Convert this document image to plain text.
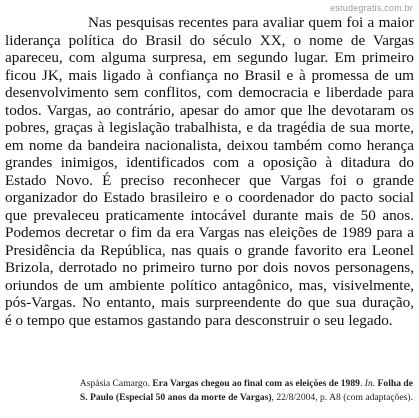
estudegratis.com.br
Nas pesquisas recentes para avaliar quem foi a maior
liderança política do Brasil do século XX, o nome de Vargas
apareceu, com alguma surpresa, em segundo lugar. Em primeiro
ficou JK, mais ligado à confiança no Brasil e à promessa de um
desenvolvimento sem conflitos, com democracia e liberdade para
todos. Vargas, ao contrário, apesar do amor que lhe devotaram os
pobres, graças à legislação trabalhista, e da tragédia de sua morte,
em nome da bandeira nacionalista, deixou também como herança
grandes inimigos, identificados com a oposição à ditadura do
Estado Novo. É preciso reconhecer que Vargas foi o grande
organizador do Estado brasileiro e o coordenador do pacto social
que prevaleceu praticamente intocável durante mais de 50 anos.
Podemos decretar o fim da era Vargas nas eleições de 1989 para a
Presidência da República, nas quais o grande favorito era Leonel
Brizola, derrotado no primeiro turno por dois novos personagens,
oriundos de um ambiente político antagônico, mas, visivelmente,
pós-Vargas. No entanto, mais surpreendente do que sua duração,
é o tempo que estamos gastando para desconstruir o seu legado.
Aspásia Camargo. Era Vargas chegou ao final com as eleições de 1989. In. Folha de
S. Paulo (Especial 50 anos da morte de Vargas), 22/8/2004, p. A8 (com adaptações).
